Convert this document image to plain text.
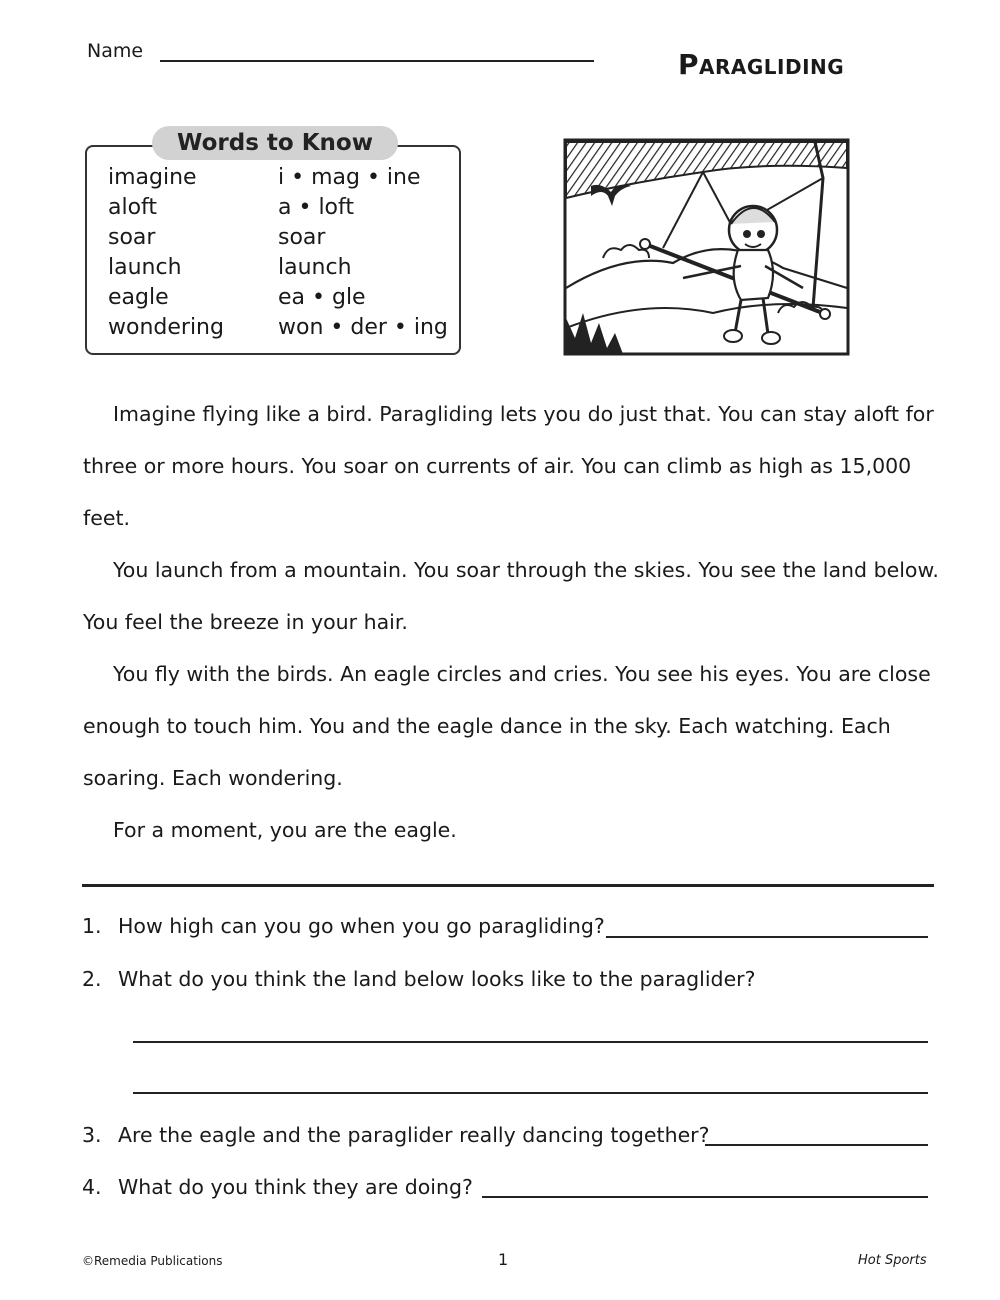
Name	Paragliding
Words to Know
imagine	i • mag • ine
aloft	a • loft
soar	soar
launch	launch
eagle	ea • gle
wondering won • der • ing

Imagine flying like a bird. Paragliding lets you do just that. You can stay aloft for three or more hours. You soar on currents of air. You can climb as high as 15,000 feet.

You launch from a mountain. You soar through the skies. You see the land below. You feel the breeze in your hair.

You fly with the birds. An eagle circles and cries. You see his eyes. You are close enough to touch him. You and the eagle dance in the sky. Each watching. Each soaring. Each wondering.

For a moment, you are the eagle.

1. How high can you go when you go paragliding?
2. What do you think the land below looks like to the paraglider?
3. Are the eagle and the paraglider really dancing together?
4. What do you think they are doing?
©Remedia Publications	1	Hot Sports
